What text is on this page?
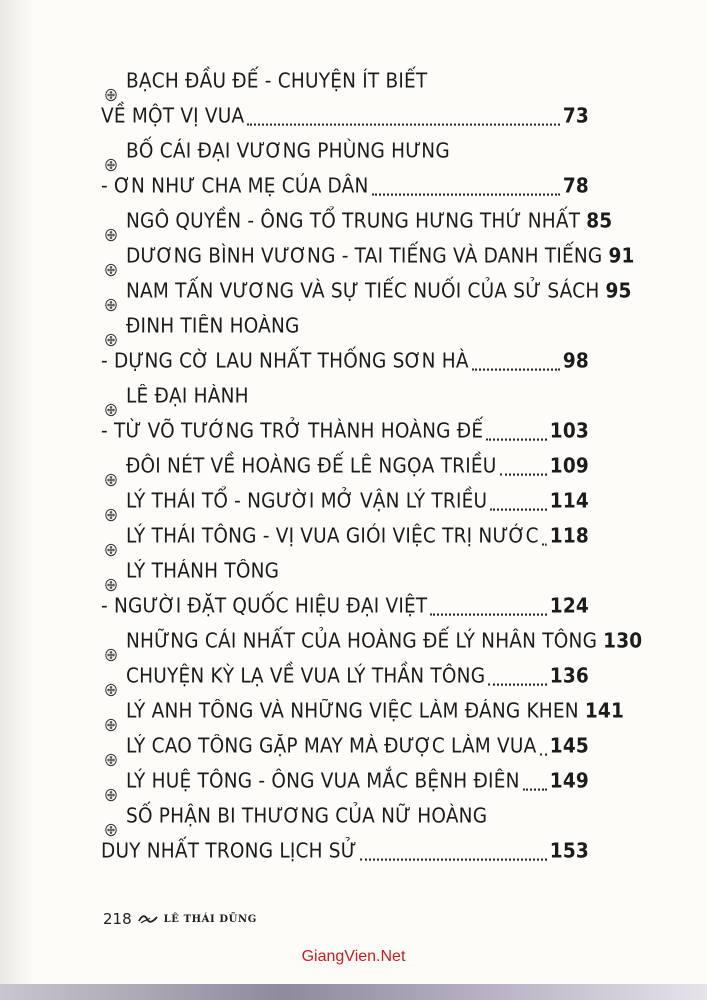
BẠCH ĐẦU ĐẾ - CHUYỆN ÍT BIẾT
VỀ MỘT VỊ VUA	73
BỐ CÁI ĐẠI VƯƠNG PHÙNG HƯNG
- ƠN NHƯ CHA MẸ CỦA DÂN	78
NGÔ QUYỀN - ÔNG TỔ TRUNG HƯNG THỨ NHẤT 85
DƯƠNG BÌNH VƯƠNG - TAI TIẾNG VÀ DANH TIẾNG 91
NAM TẤN VƯƠNG VÀ SỰ TIẾC NUỐI CỦA SỬ SÁCH 95
ĐINH TIÊN HOÀNG
- DỰNG CỜ LAU NHẤT THỐNG SƠN HÀ	98
LÊ ĐẠI HÀNH
- TỪ VÕ TƯỚNG TRỞ THÀNH HOÀNG ĐẾ	103
ĐÔI NÉT VỀ HOÀNG ĐẾ LÊ NGỌA TRIỀU	109
LÝ THÁI TỔ - NGƯỜI MỞ VẬN LÝ TRIỀU	114
LÝ THÁI TÔNG - VỊ VUA GIỎI VIỆC TRỊ NƯỚC 118
LÝ THÁNH TÔNG
- NGƯỜI ĐẶT QUỐC HIỆU ĐẠI VIỆT	124
NHỮNG CÁI NHẤT CỦA HOÀNG ĐẾ LÝ NHÂN TÔNG 130
CHUYỆN KỲ LẠ VỀ VUA LÝ THẦN TÔNG	136
LÝ ANH TÔNG VÀ NHỮNG VIỆC LÀM ĐÁNG KHEN 141
LÝ CAO TÔNG GẶP MAY MÀ ĐƯỢC LÀM VUA 145
LÝ HUỆ TÔNG - ÔNG VUA MẮC BỆNH ĐIÊN 149
SỐ PHẬN BI THƯƠNG CỦA NỮ HOÀNG
DUY NHẤT TRONG LỊCH SỬ	153
218	LÊ THÁI DŨNG
GiangVien.Net
